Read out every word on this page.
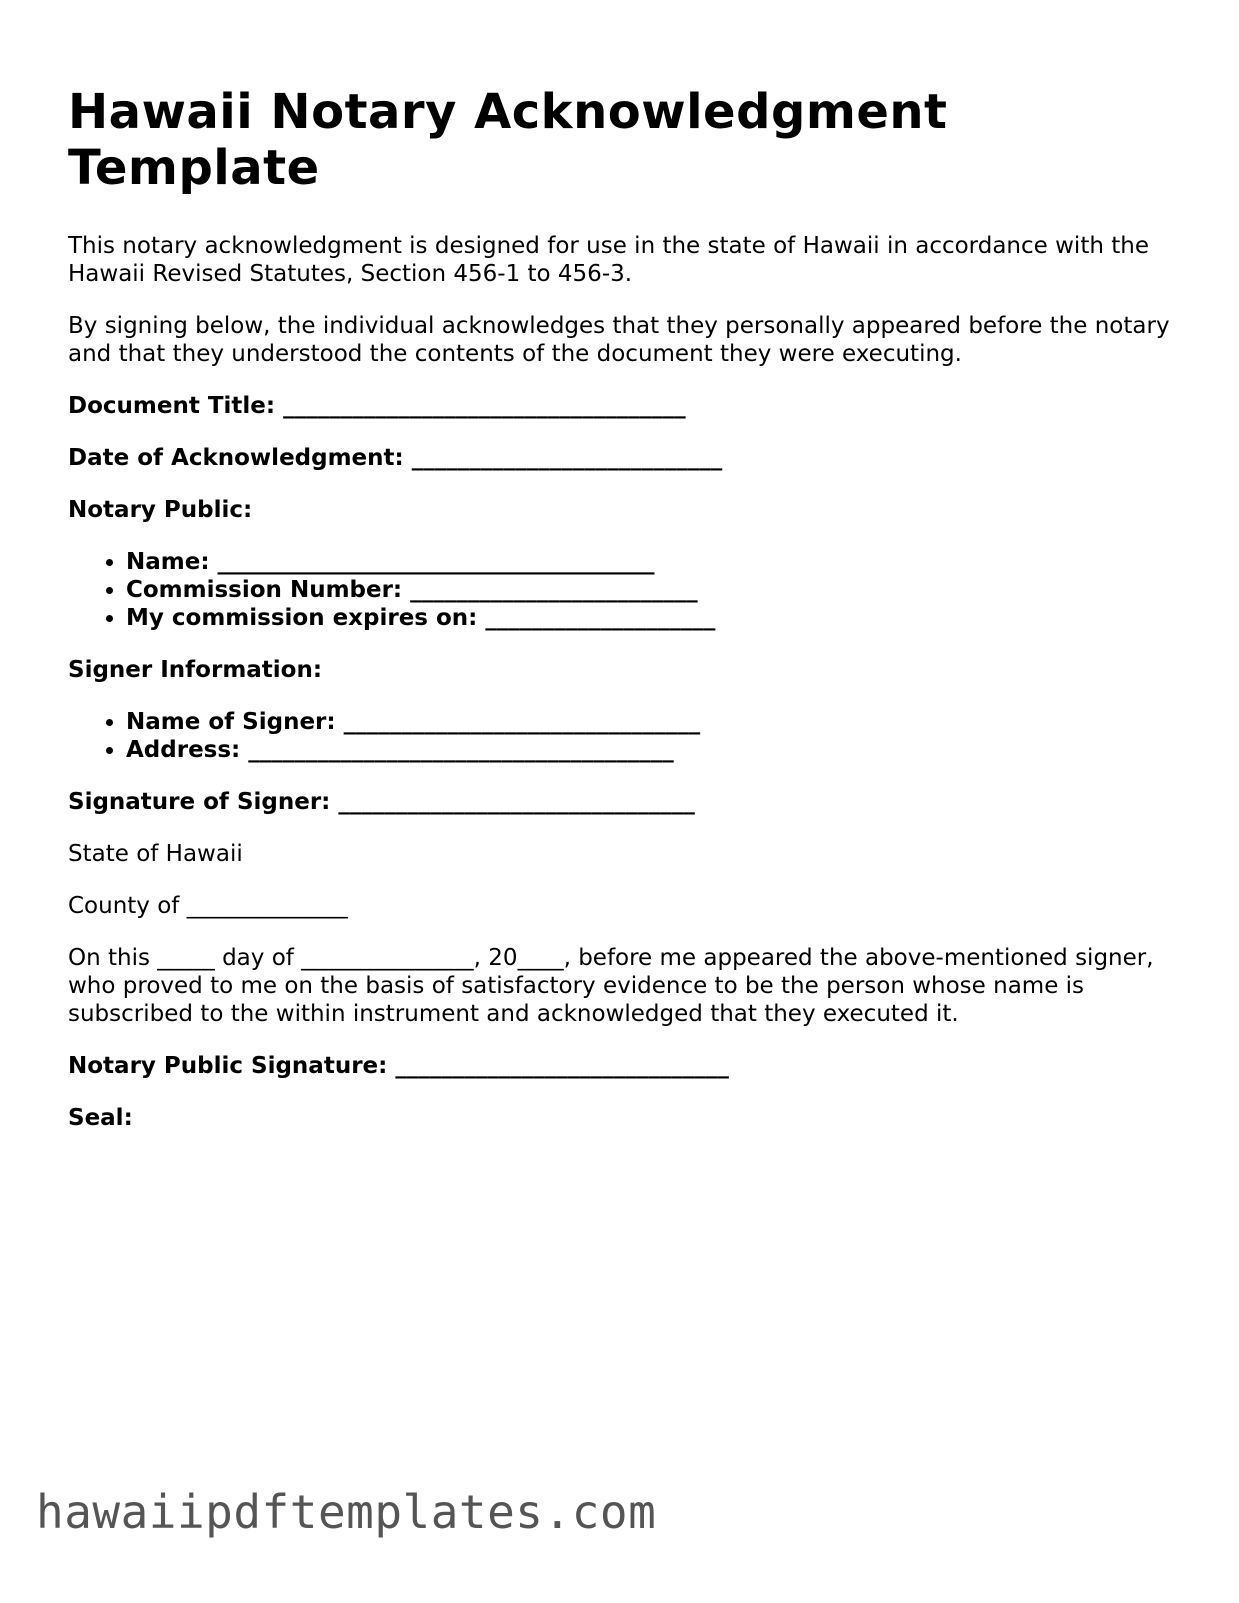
Hawaii Notary Acknowledgment Template

This notary acknowledgment is designed for use in the state of Hawaii in accordance with the Hawaii Revised Statutes, Section 456-1 to 456-3.

By signing below, the individual acknowledges that they personally appeared before the notary and that they understood the contents of the document they were executing.

Document Title: ___________________________________

Date of Acknowledgment: ___________________________

Notary Public:

• Name: ______________________________________
• Commission Number: _________________________
• My commission expires on: ____________________

Signer Information:

• Name of Signer: _______________________________
• Address: _____________________________________

Signature of Signer: _______________________________

State of Hawaii

County of ______________

On this _____ day of _______________, 20____, before me appeared the above-mentioned signer, who proved to me on the basis of satisfactory evidence to be the person whose name is subscribed to the within instrument and acknowledged that they executed it.

Notary Public Signature: _____________________________

Seal:

hawaiipdftemplates.com
